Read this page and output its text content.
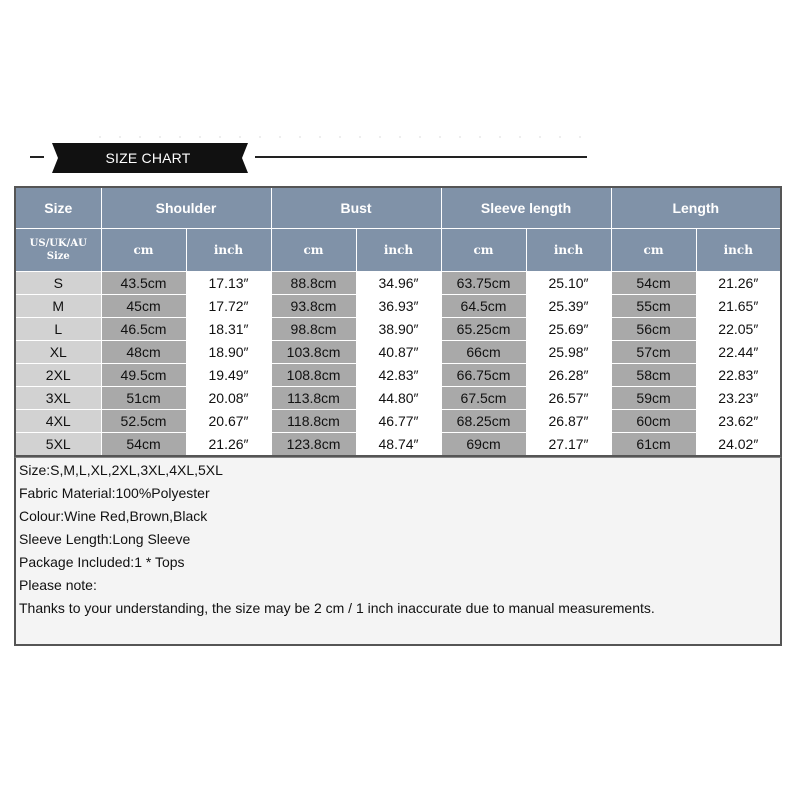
SIZE CHART
Size	Shoulder		Bust		Sleeve length		Length	
US/UK/AU
Size	cm	inch	cm	inch	cm	inch	cm	inch
S	43.5cm	17.13″	88.8cm	34.96″	63.75cm	25.10″	54cm	21.26″
M	45cm	17.72″	93.8cm	36.93″	64.5cm	25.39″	55cm	21.65″
L	46.5cm	18.31″	98.8cm	38.90″	65.25cm	25.69″	56cm	22.05″
XL	48cm	18.90″	103.8cm	40.87″	66cm	25.98″	57cm	22.44″
2XL	49.5cm	19.49″	108.8cm	42.83″	66.75cm	26.28″	58cm	22.83″
3XL	51cm	20.08″	113.8cm	44.80″	67.5cm	26.57″	59cm	23.23″
4XL	52.5cm	20.67″	118.8cm	46.77″	68.25cm	26.87″	60cm	23.62″
5XL	54cm	21.26″	123.8cm	48.74″	69cm	27.17″	61cm	24.02″
Size:S,M,L,XL,2XL,3XL,4XL,5XL
Fabric Material:100%Polyester
Colour:Wine Red,Brown,Black
Sleeve Length:Long Sleeve
Package Included:1 * Tops
Please note:
Thanks to your understanding, the size may be 2 cm / 1 inch inaccurate due to manual measurements.
